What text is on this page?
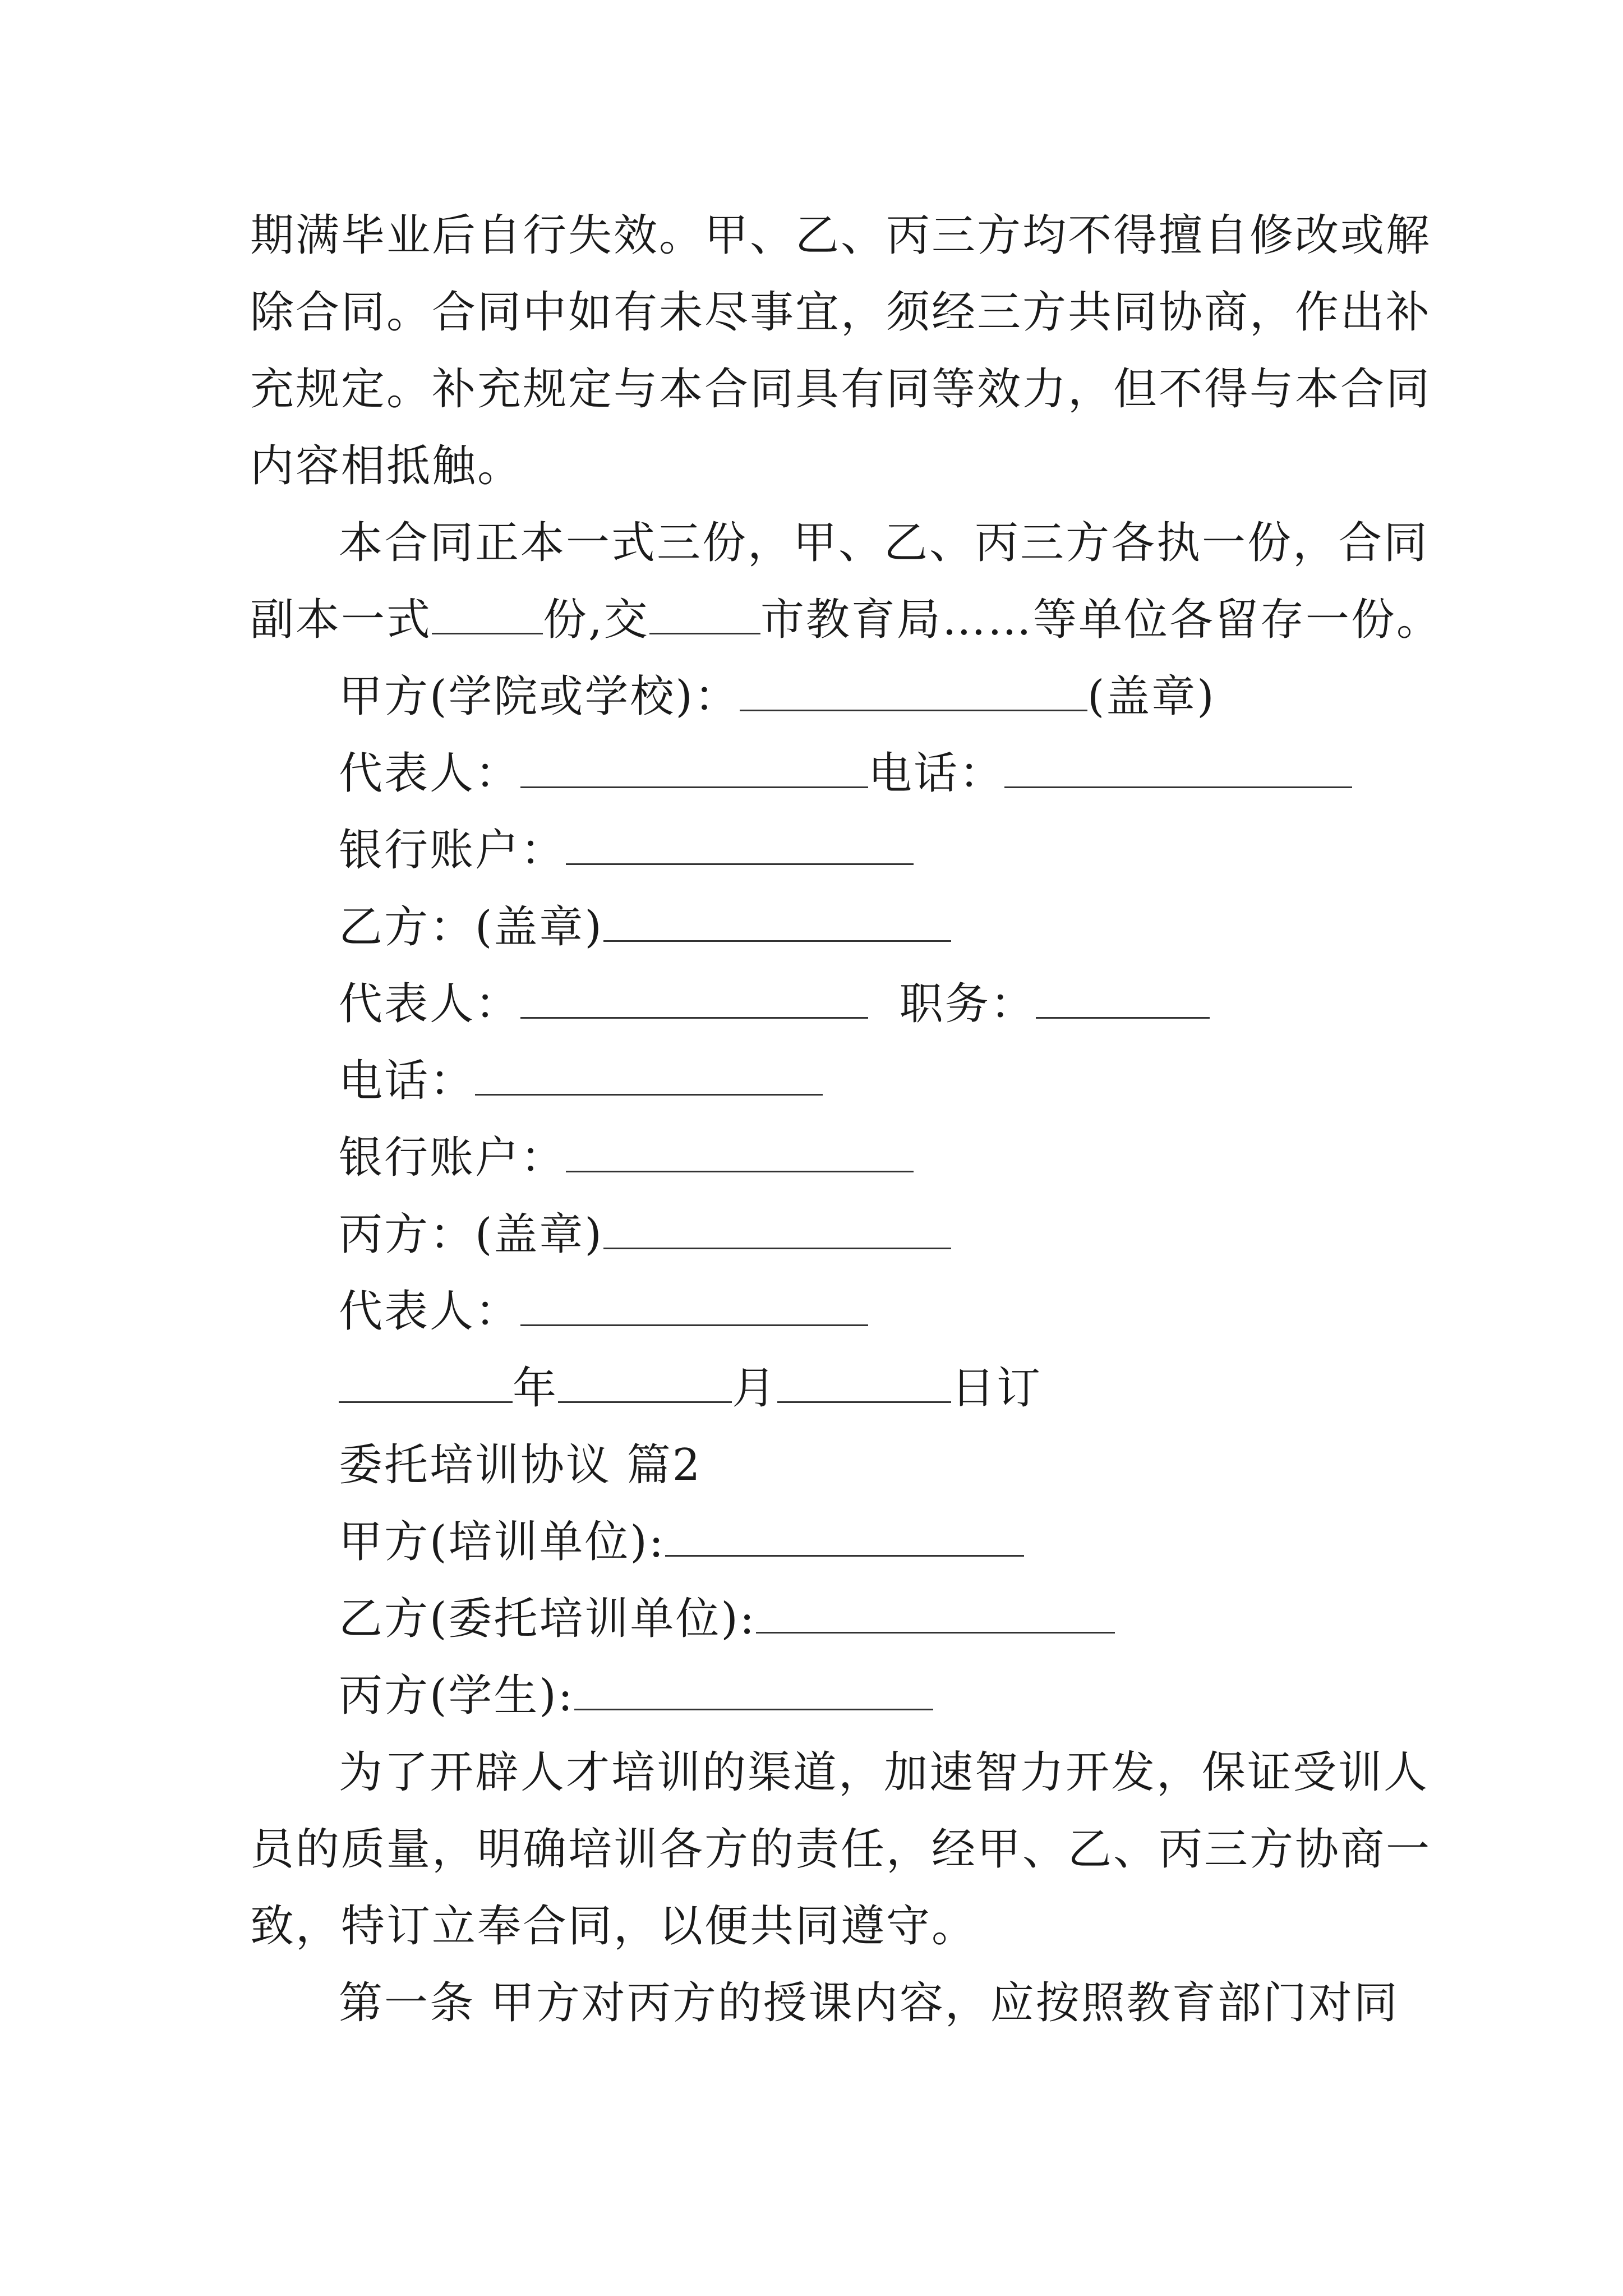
期满毕业后自行失效。甲、乙、丙三方均不得擅自修改或解
除合同。合同中如有未尽事宜，须经三方共同协商，作出补
充规定。补充规定与本合同具有同等效力，但不得与本合同
内容相抵触。
本合同正本一式三份，甲、乙、丙三方各执一份，合同
副本一式	份,交	市教育局……等单位各留存一份。
甲方(学院或学校)：	(盖章)
代表人：	电话：
银行账户：
乙方：(盖章)
代表人：	职务：
电话：
银行账户：
丙方：(盖章)
代表人：
年	月	日订
委托培训协议 篇2
甲方(培训单位):
乙方(委托培训单位):
丙方(学生):
为了开辟人才培训的渠道，加速智力开发，保证受训人
员的质量，明确培训各方的责任，经甲、乙、丙三方协商一
致，特订立奉合同，以便共同遵守。
第一条 甲方对丙方的授课内容，应按照教育部门对同
